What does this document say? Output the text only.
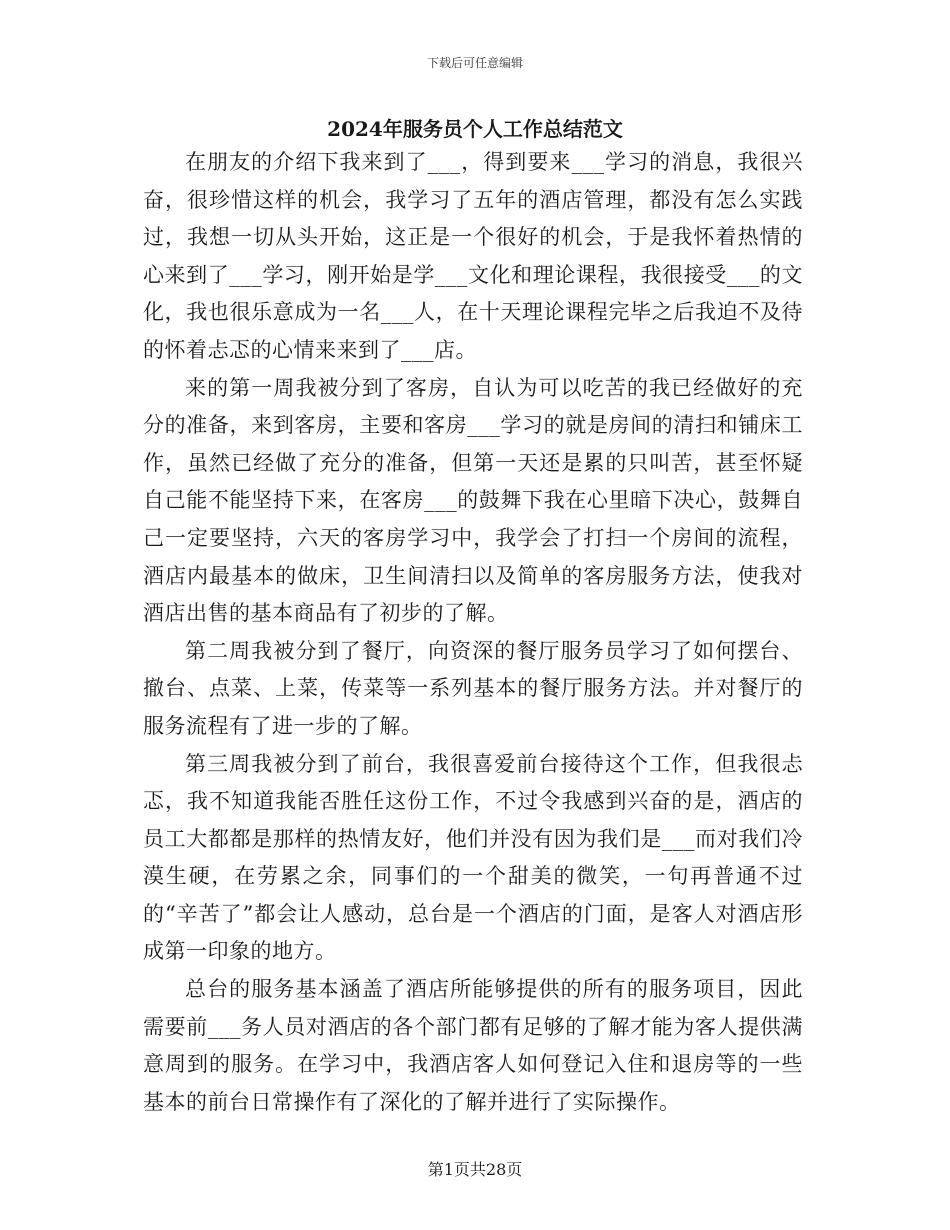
下载后可任意编辑
2024年服务员个人工作总结范文

在朋友的介绍下我来到了___，得到要来___学习的消息，我很兴奋，很珍惜这样的机会，我学习了五年的酒店管理，都没有怎么实践过，我想一切从头开始，这正是一个很好的机会，于是我怀着热情的心来到了___学习，刚开始是学___文化和理论课程，我很接受___的文化，我也很乐意成为一名___人，在十天理论课程完毕之后我迫不及待的怀着忐忑的心情来来到了___店。

来的第一周我被分到了客房，自认为可以吃苦的我已经做好的充分的准备，来到客房，主要和客房___学习的就是房间的清扫和铺床工作，虽然已经做了充分的准备，但第一天还是累的只叫苦，甚至怀疑自己能不能坚持下来，在客房___的鼓舞下我在心里暗下决心，鼓舞自己一定要坚持，六天的客房学习中，我学会了打扫一个房间的流程，酒店内最基本的做床，卫生间清扫以及简单的客房服务方法，使我对酒店出售的基本商品有了初步的了解。

第二周我被分到了餐厅，向资深的餐厅服务员学习了如何摆台、撤台、点菜、上菜，传菜等一系列基本的餐厅服务方法。并对餐厅的服务流程有了进一步的了解。

第三周我被分到了前台，我很喜爱前台接待这个工作，但我很忐忑，我不知道我能否胜任这份工作，不过令我感到兴奋的是，酒店的员工大都都是那样的热情友好，他们并没有因为我们是___而对我们冷漠生硬，在劳累之余，同事们的一个甜美的微笑，一句再普通不过的“辛苦了”都会让人感动，总台是一个酒店的门面，是客人对酒店形成第一印象的地方。

总台的服务基本涵盖了酒店所能够提供的所有的服务项目，因此需要前___务人员对酒店的各个部门都有足够的了解才能为客人提供满意周到的服务。在学习中，我酒店客人如何登记入住和退房等的一些基本的前台日常操作有了深化的了解并进行了实际操作。

第1页共28页
